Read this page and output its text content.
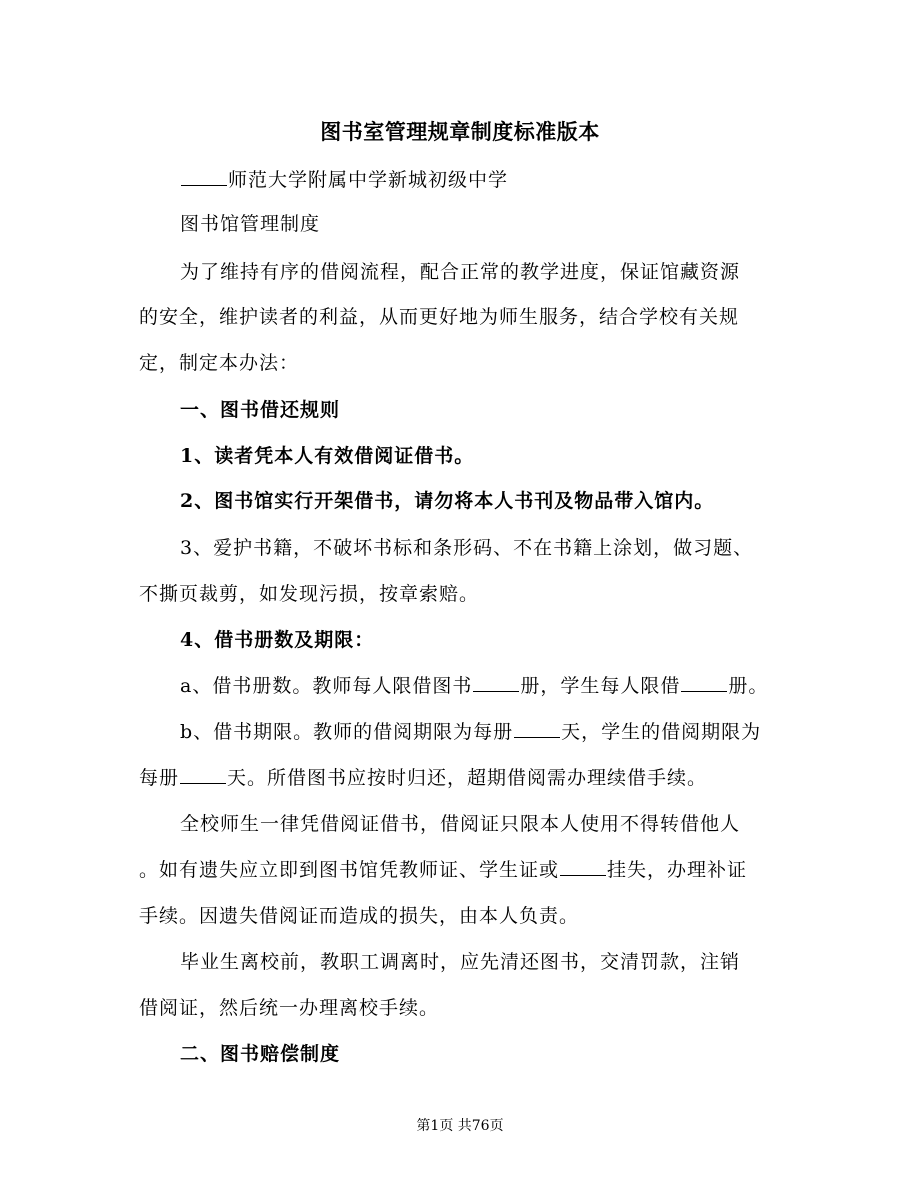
图书室管理规章制度标准版本
师范大学附属中学新城初级中学
图书馆管理制度
为了维持有序的借阅流程，配合正常的教学进度，保证馆藏资源
的安全，维护读者的利益，从而更好地为师生服务，结合学校有关规
定，制定本办法：
一、图书借还规则
1、读者凭本人有效借阅证借书。
2、图书馆实行开架借书，请勿将本人书刊及物品带入馆内。
3、爱护书籍，不破坏书标和条形码、不在书籍上涂划，做习题、
不撕页裁剪，如发现污损，按章索赔。
4、借书册数及期限：
a、借书册数。教师每人限借图书	册，学生每人限借	册。
b、借书期限。教师的借阅期限为每册	天，学生的借阅期限为
每册	天。所借图书应按时归还，超期借阅需办理续借手续。
全校师生一律凭借阅证借书，借阅证只限本人使用不得转借他人
。如有遗失应立即到图书馆凭教师证、学生证或	挂失，办理补证
手续。因遗失借阅证而造成的损失，由本人负责。
毕业生离校前，教职工调离时，应先清还图书，交清罚款，注销
借阅证，然后统一办理离校手续。
二、图书赔偿制度
第1页 共76页
